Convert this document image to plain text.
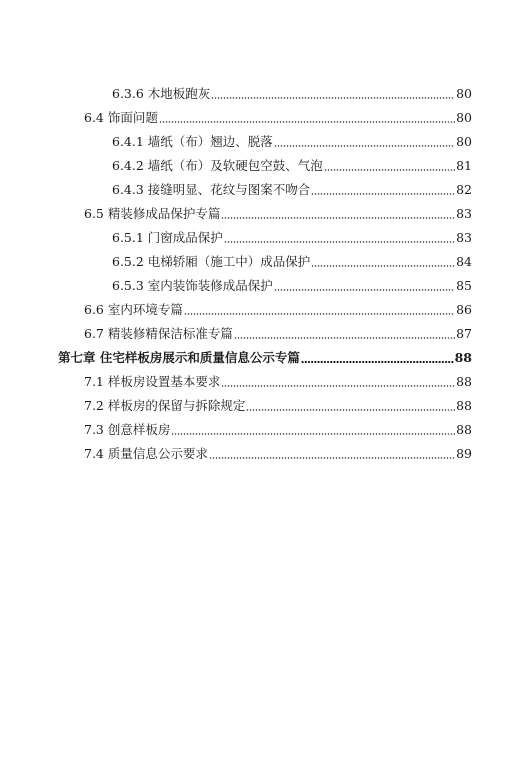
6.3.6 木地板跑灰	80
6.4 饰面问题	80
6.4.1 墙纸（布）翘边、脱落	80
6.4.2 墙纸（布）及软硬包空鼓、气泡	81
6.4.3 接缝明显、花纹与图案不吻合	82
6.5 精装修成品保护专篇	83
6.5.1 门窗成品保护	83
6.5.2 电梯轿厢（施工中）成品保护	84
6.5.3 室内装饰装修成品保护	85
6.6 室内环境专篇	86
6.7 精装修精保洁标准专篇	87
第七章 住宅样板房展示和质量信息公示专篇	88
7.1 样板房设置基本要求	88
7.2 样板房的保留与拆除规定	88
7.3 创意样板房	88
7.4 质量信息公示要求	89
